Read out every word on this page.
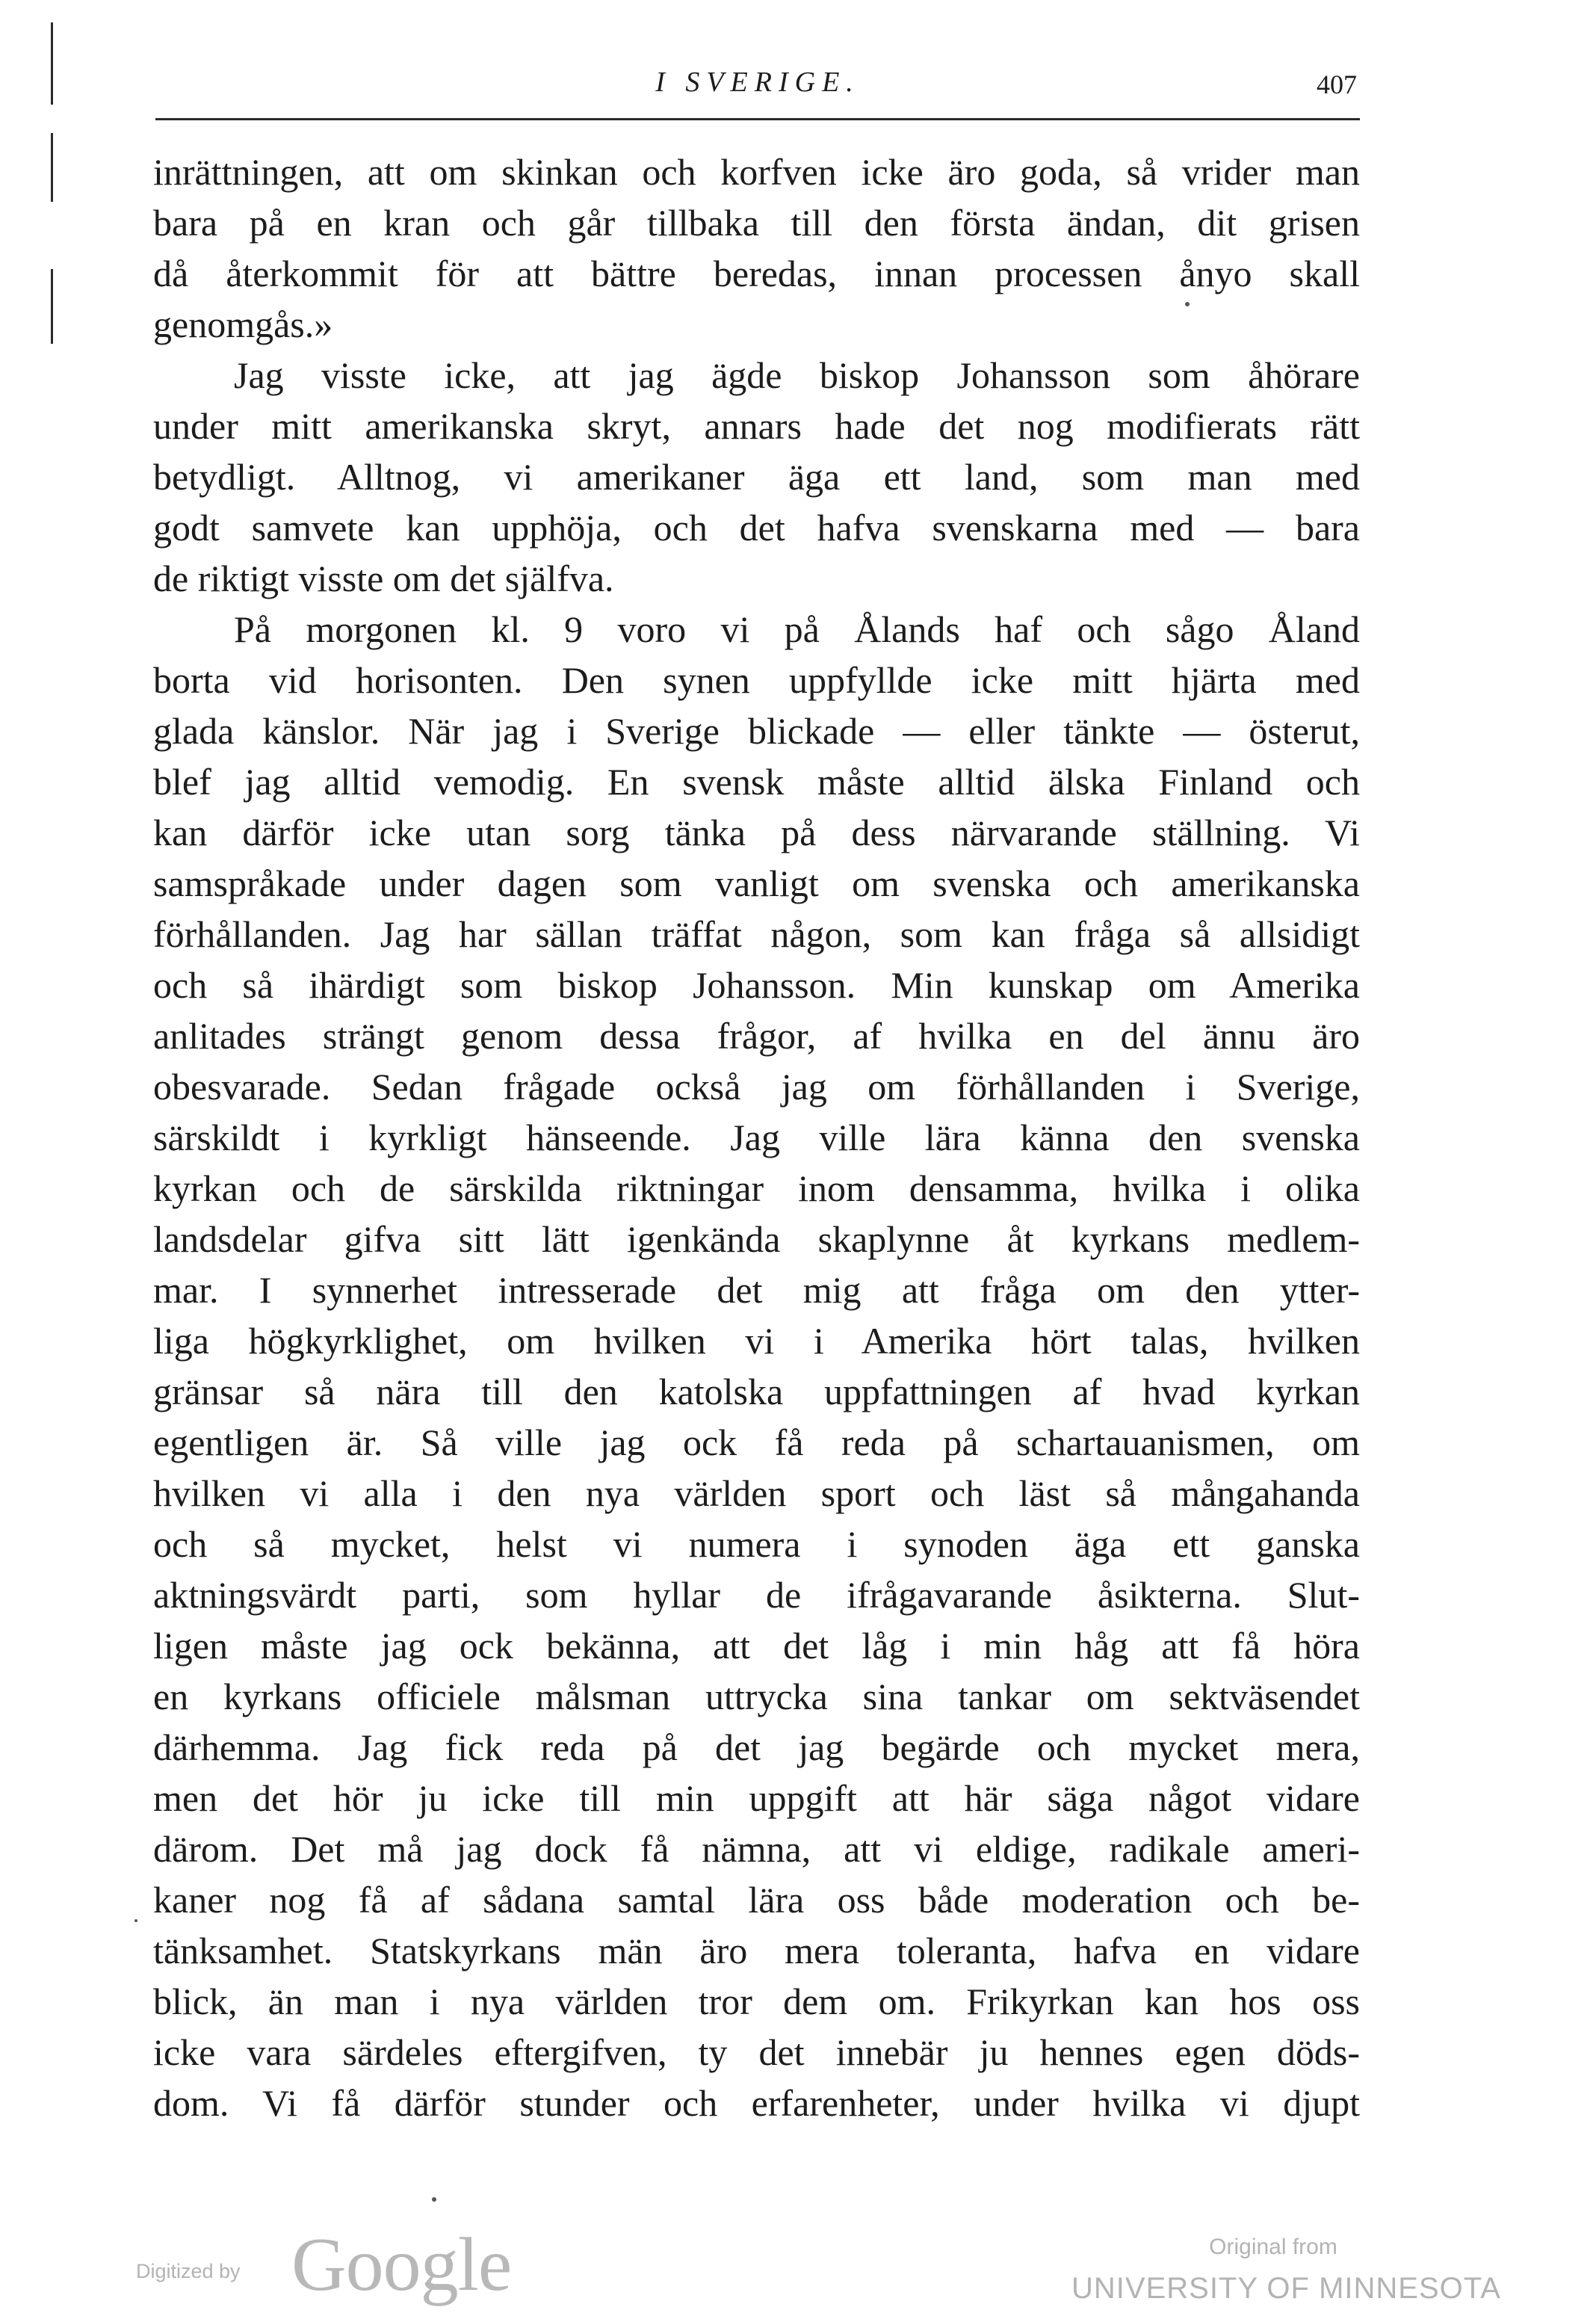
I SVERIGE.	407
inrättningen, att om skinkan och korfven icke äro goda, så vrider man
bara på en kran och går tillbaka till den första ändan, dit grisen
då återkommit för att bättre beredas, innan processen ånyo skall
genomgås.»
Jag visste icke, att jag ägde biskop Johansson som åhörare
under mitt amerikanska skryt, annars hade det nog modifierats rätt
betydligt. Alltnog, vi amerikaner äga ett land, som man med
godt samvete kan upphöja, och det hafva svenskarna med — bara
de riktigt visste om det själfva.
På morgonen kl. 9 voro vi på Ålands haf och sågo Åland
borta vid horisonten. Den synen uppfyllde icke mitt hjärta med
glada känslor. När jag i Sverige blickade — eller tänkte — österut,
blef jag alltid vemodig. En svensk måste alltid älska Finland och
kan därför icke utan sorg tänka på dess närvarande ställning. Vi
samspråkade under dagen som vanligt om svenska och amerikanska
förhållanden. Jag har sällan träffat någon, som kan fråga så allsidigt
och så ihärdigt som biskop Johansson. Min kunskap om Amerika
anlitades strängt genom dessa frågor, af hvilka en del ännu äro
obesvarade. Sedan frågade också jag om förhållanden i Sverige,
särskildt i kyrkligt hänseende. Jag ville lära känna den svenska
kyrkan och de särskilda riktningar inom densamma, hvilka i olika
landsdelar gifva sitt lätt igenkända skaplynne åt kyrkans medlem-
mar. I synnerhet intresserade det mig att fråga om den ytter-
liga högkyrklighet, om hvilken vi i Amerika hört talas, hvilken
gränsar så nära till den katolska uppfattningen af hvad kyrkan
egentligen är. Så ville jag ock få reda på schartauanismen, om
hvilken vi alla i den nya världen sport och läst så mångahanda
och så mycket, helst vi numera i synoden äga ett ganska
aktningsvärdt parti, som hyllar de ifrågavarande åsikterna. Slut-
ligen måste jag ock bekänna, att det låg i min håg att få höra
en kyrkans officiele målsman uttrycka sina tankar om sektväsendet
därhemma. Jag fick reda på det jag begärde och mycket mera,
men det hör ju icke till min uppgift att här säga något vidare
därom. Det må jag dock få nämna, att vi eldige, radikale ameri-
kaner nog få af sådana samtal lära oss både moderation och be-
tänksamhet. Statskyrkans män äro mera toleranta, hafva en vidare
blick, än man i nya världen tror dem om. Frikyrkan kan hos oss
icke vara särdeles eftergifven, ty det innebär ju hennes egen döds-
dom. Vi få därför stunder och erfarenheter, under hvilka vi djupt
Digitized by Google	Original from
UNIVERSITY OF MINNESOTA
